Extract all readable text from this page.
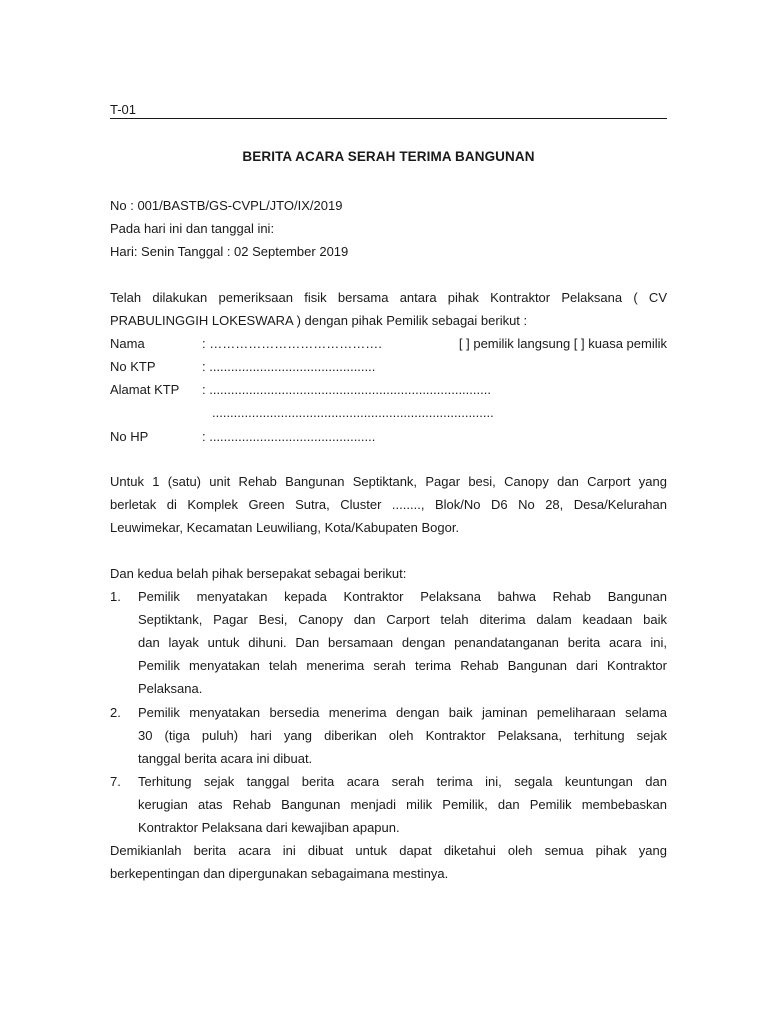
T-01
BERITA ACARA SERAH TERIMA BANGUNAN
No : 001/BASTB/GS-CVPL/JTO/IX/2019
Pada hari ini dan tanggal ini:
Hari: Senin Tanggal : 02 September 2019
Telah dilakukan pemeriksaan fisik bersama antara pihak Kontraktor Pelaksana ( CV
PRABULINGGIH LOKESWARA ) dengan pihak Pemilik sebagai berikut :
Nama	: ………………………………….	[ ] pemilik langsung [ ] kuasa pemilik
No KTP	: ..............................................
Alamat KTP : ..............................................................................
..............................................................................
No HP	: ..............................................
Untuk 1 (satu) unit Rehab Bangunan Septiktank, Pagar besi, Canopy dan Carport yang
berletak di Komplek Green Sutra, Cluster ........, Blok/No D6 No 28, Desa/Kelurahan
Leuwimekar, Kecamatan Leuwiliang, Kota/Kabupaten Bogor.
Dan kedua belah pihak bersepakat sebagai berikut:
1. Pemilik menyatakan kepada Kontraktor Pelaksana bahwa Rehab Bangunan
Septiktank, Pagar Besi, Canopy dan Carport telah diterima dalam keadaan baik
dan layak untuk dihuni. Dan bersamaan dengan penandatanganan berita acara ini,
Pemilik menyatakan telah menerima serah terima Rehab Bangunan dari Kontraktor
Pelaksana.
2. Pemilik menyatakan bersedia menerima dengan baik jaminan pemeliharaan selama
30 (tiga puluh) hari yang diberikan oleh Kontraktor Pelaksana, terhitung sejak
tanggal berita acara ini dibuat.
7. Terhitung sejak tanggal berita acara serah terima ini, segala keuntungan dan
kerugian atas Rehab Bangunan menjadi milik Pemilik, dan Pemilik membebaskan
Kontraktor Pelaksana dari kewajiban apapun.
Demikianlah berita acara ini dibuat untuk dapat diketahui oleh semua pihak yang
berkepentingan dan dipergunakan sebagaimana mestinya.
